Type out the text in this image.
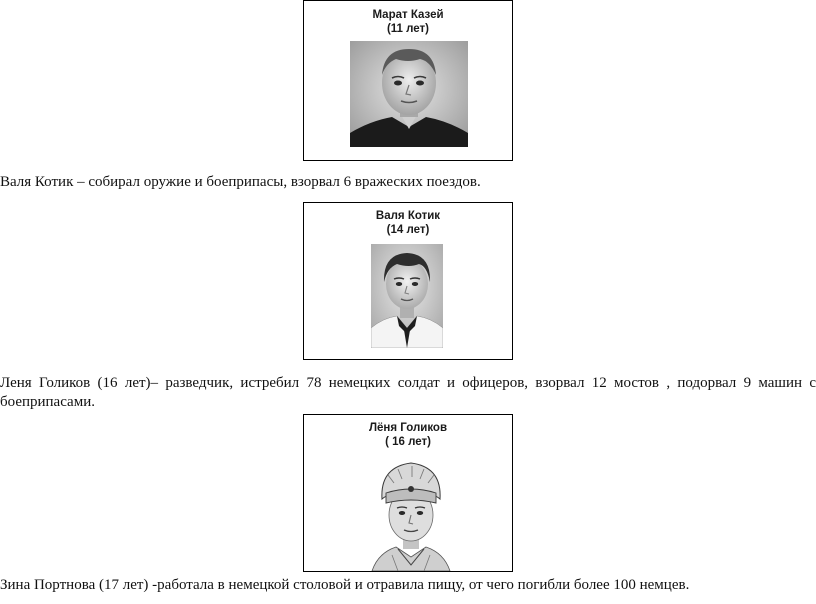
Марат Казей
(11 лет)

Валя Котик – собирал оружие и боеприпасы, взорвал 6 вражеских поездов.

Валя Котик
(14 лет)

Леня Голиков (16 лет)– разведчик, истребил 78 немецких солдат и офицеров, взорвал 12 мостов , подорвал 9 машин с боеприпасами.

Лёня Голиков
( 16 лет)

Зина Портнова (17 лет) -работала в немецкой столовой и отравила пищу, от чего погибли более 100 немцев.
